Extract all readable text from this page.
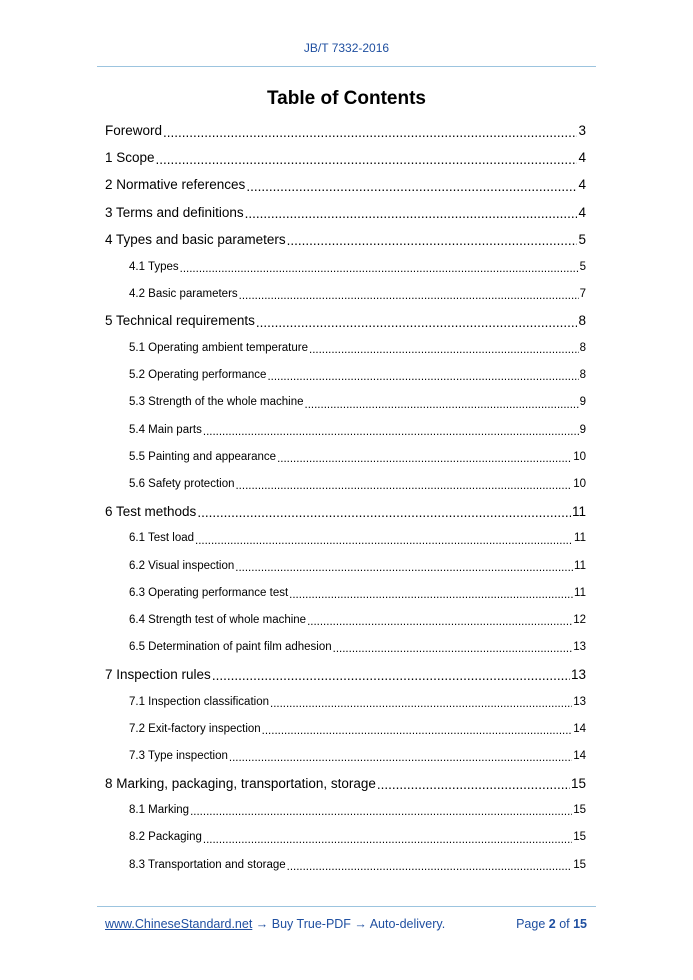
JB/T 7332-2016
Table of Contents
Foreword .....	3
1 Scope .....	4
2 Normative references .....	4
3 Terms and definitions .....	4
4 Types and basic parameters .....	5
4.1 Types .....	5
4.2 Basic parameters .....	7
5 Technical requirements .....	8
5.1 Operating ambient temperature .....	8
5.2 Operating performance .....	8
5.3 Strength of the whole machine .....	9
5.4 Main parts .....	9
5.5 Painting and appearance .....	10
5.6 Safety protection .....	10
6 Test methods .....	11
6.1 Test load .....	11
6.2 Visual inspection .....	11
6.3 Operating performance test .....	11
6.4 Strength test of whole machine .....	12
6.5 Determination of paint film adhesion .....	13
7 Inspection rules .....	13
7.1 Inspection classification .....	13
7.2 Exit-factory inspection .....	14
7.3 Type inspection .....	14
8 Marking, packaging, transportation, storage .....	15
8.1 Marking .....	15
8.2 Packaging .....	15
8.3 Transportation and storage .....	15
www.ChineseStandard.net → Buy True-PDF → Auto-delivery.	Page 2 of 15
